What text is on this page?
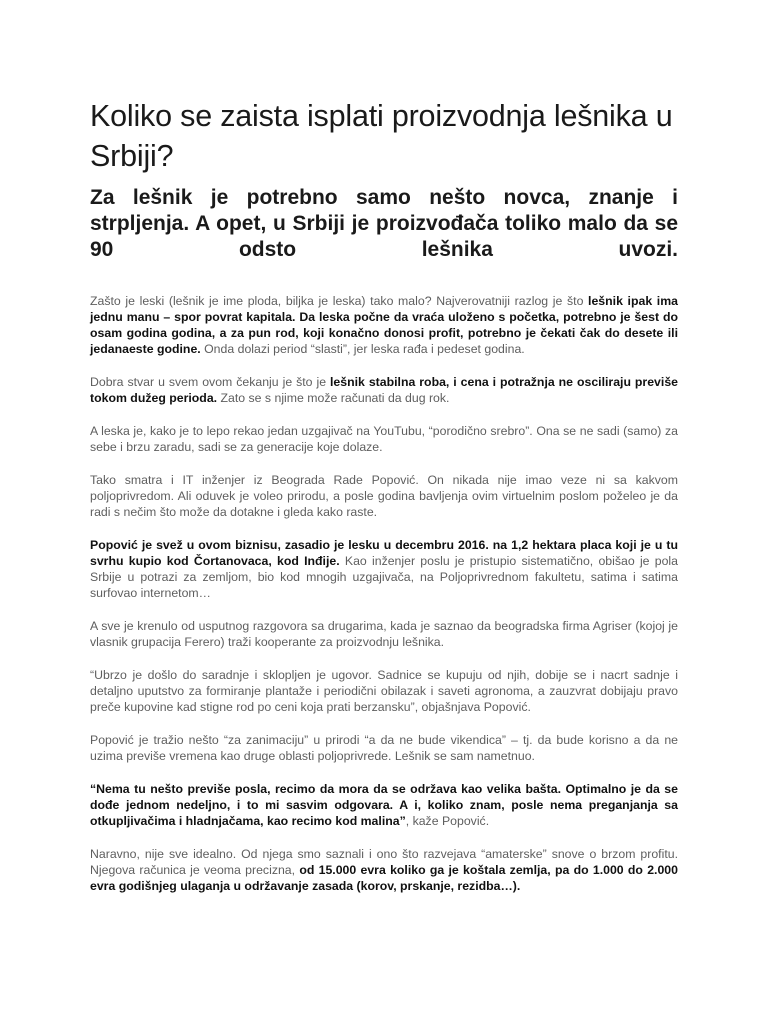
Koliko se zaista isplati proizvodnja lešnika u Srbiji?
Za lešnik je potrebno samo nešto novca, znanje i strpljenja. A opet, u Srbiji je proizvođača toliko malo da se 90 odsto lešnika uvozi.

Zašto je leski (lešnik je ime ploda, biljka je leska) tako malo? Najverovatniji razlog je što lešnik ipak ima jednu manu – spor povrat kapitala. Da leska počne da vraća uloženo s početka, potrebno je šest do osam godina godina, a za pun rod, koji konačno donosi profit, potrebno je čekati čak do desete ili jedanaeste godine. Onda dolazi period “slasti”, jer leska rađa i pedeset godina.

Dobra stvar u svem ovom čekanju je što je lešnik stabilna roba, i cena i potražnja ne osciliraju previše tokom dužeg perioda. Zato se s njime može računati da dug rok.

A leska je, kako je to lepo rekao jedan uzgajivač na YouTubu, “porodično srebro”. Ona se ne sadi (samo) za sebe i brzu zaradu, sadi se za generacije koje dolaze.

Tako smatra i IT inženjer iz Beograda Rade Popović. On nikada nije imao veze ni sa kakvom poljoprivredom. Ali oduvek je voleo prirodu, a posle godina bavljenja ovim virtuelnim poslom poželeo je da radi s nečim što može da dotakne i gleda kako raste.

Popović je svež u ovom biznisu, zasadio je lesku u decembru 2016. na 1,2 hektara placa koji je u tu svrhu kupio kod Čortanovaca, kod Inđije. Kao inženjer poslu je pristupio sistematično, obišao je pola Srbije u potrazi za zemljom, bio kod mnogih uzgajivača, na Poljoprivrednom fakultetu, satima i satima surfovao internetom…

A sve je krenulo od usputnog razgovora sa drugarima, kada je saznao da beogradska firma Agriser (kojoj je vlasnik grupacija Ferero) traži kooperante za proizvodnju lešnika.

“Ubrzo je došlo do saradnje i sklopljen je ugovor. Sadnice se kupuju od njih, dobije se i nacrt sadnje i detaljno uputstvo za formiranje plantaže i periodični obilazak i saveti agronoma, a zauzvrat dobijaju pravo preče kupovine kad stigne rod po ceni koja prati berzansku”, objašnjava Popović.

Popović je tražio nešto “za zanimaciju” u prirodi “a da ne bude vikendica” – tj. da bude korisno a da ne uzima previše vremena kao druge oblasti poljoprivrede. Lešnik se sam nametnuo.

“Nema tu nešto previše posla, recimo da mora da se održava kao velika bašta. Optimalno je da se dođe jednom nedeljno, i to mi sasvim odgovara. A i, koliko znam, posle nema preganjanja sa otkupljivačima i hladnjačama, kao recimo kod malina”, kaže Popović.

Naravno, nije sve idealno. Od njega smo saznali i ono što razvejava “amaterske” snove o brzom profitu. Njegova računica je veoma precizna, od 15.000 evra koliko ga je koštala zemlja, pa do 1.000 do 2.000 evra godišnjeg ulaganja u održavanje zasada (korov, prskanje, rezidba…).
